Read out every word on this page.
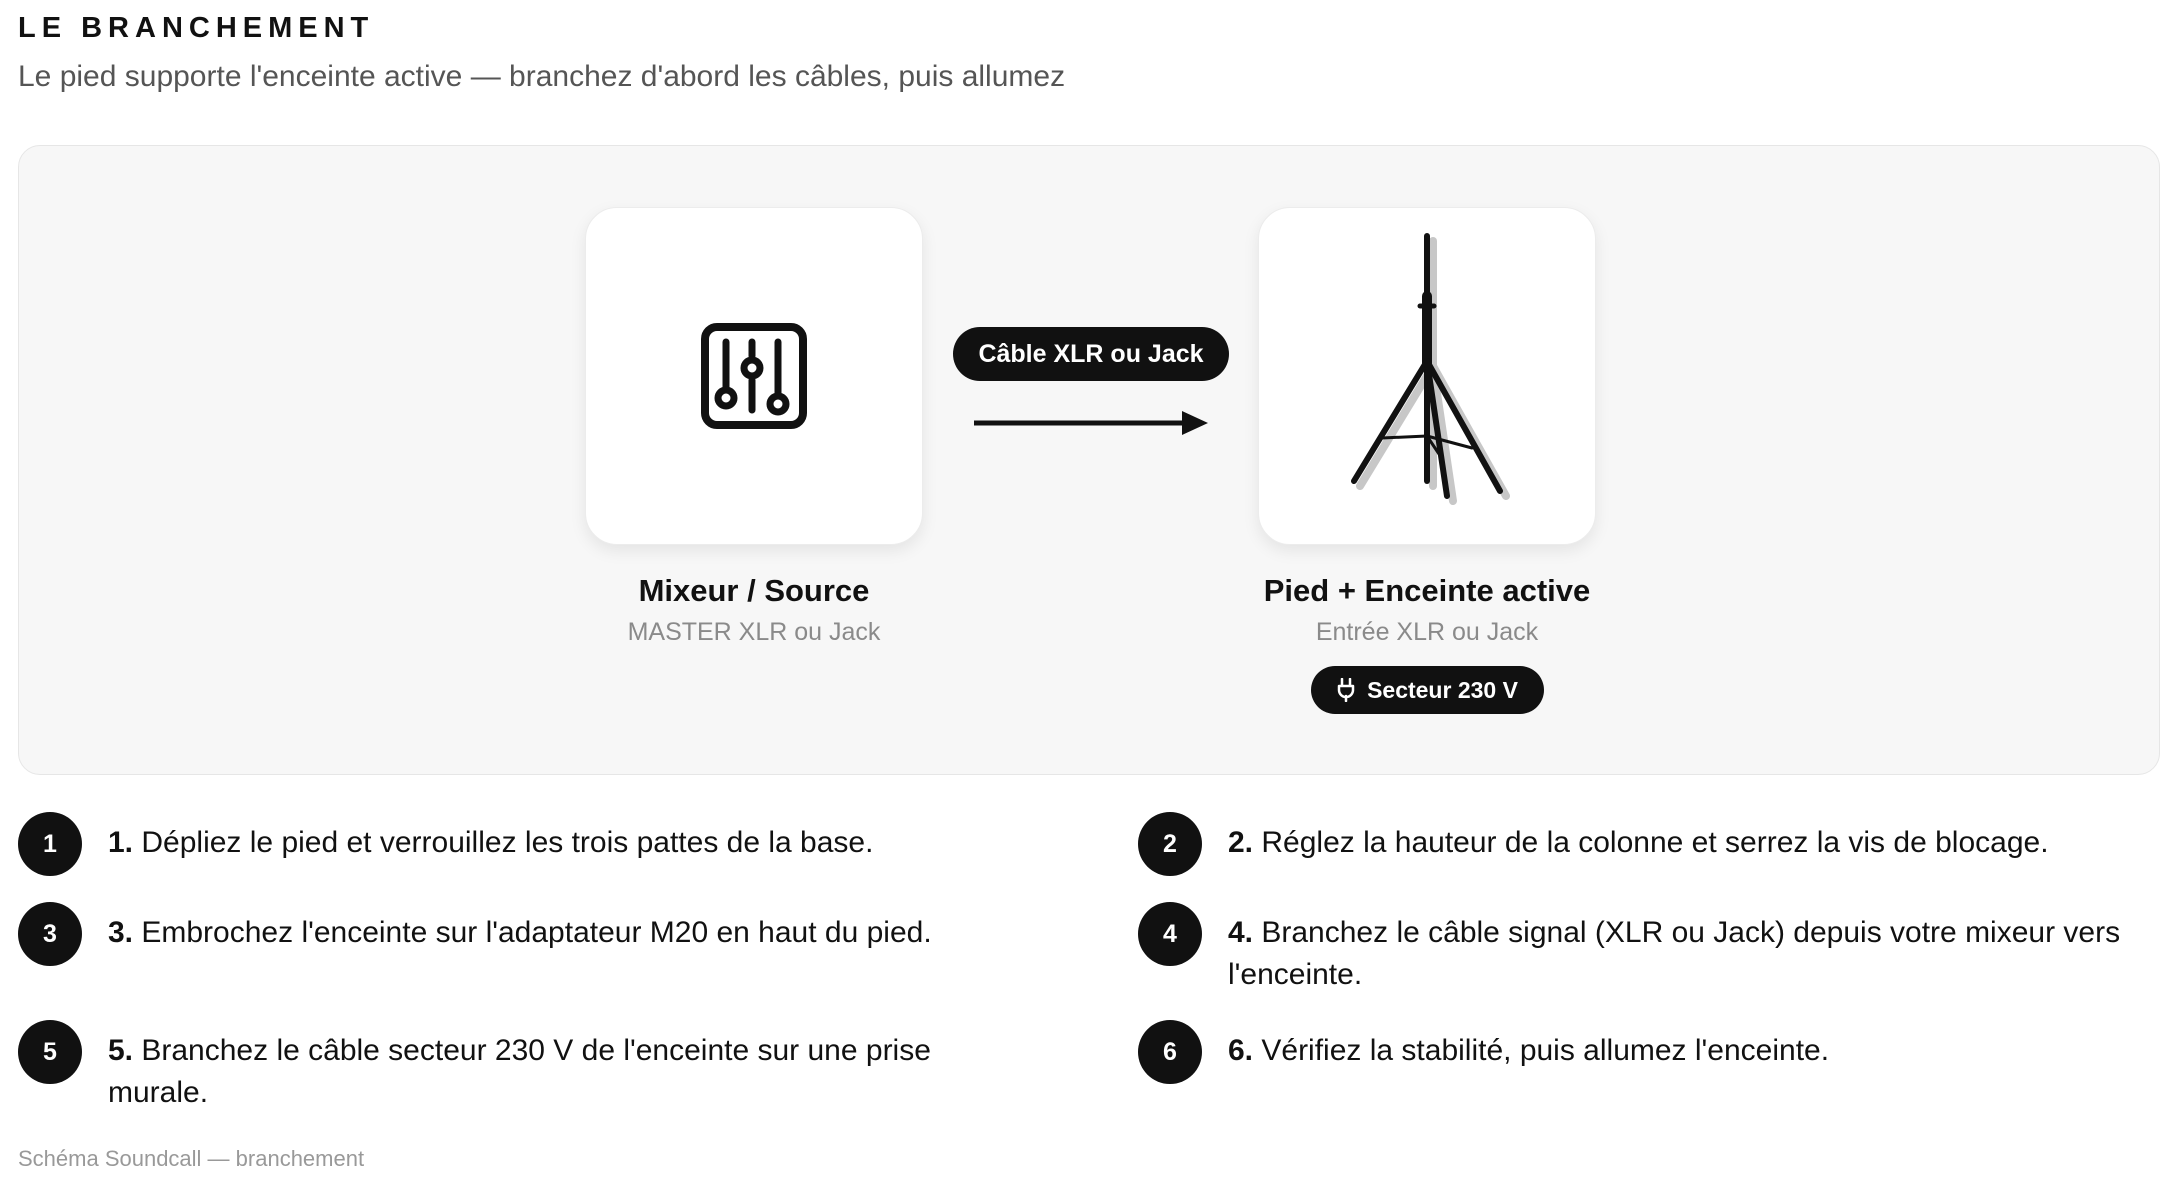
LE BRANCHEMENT

Le pied supporte l'enceinte active — branchez d'abord les câbles, puis allumez

Mixeur / Source
MASTER XLR ou Jack
Câble XLR ou Jack
Pied + Enceinte active
Entrée XLR ou Jack
Secteur 230 V
1	1. Dépliez le pied et verrouillez les trois pattes de la base.	2	2. Réglez la hauteur de la colonne et serrez la vis de blocage.
3	3. Embrochez l'enceinte sur l'adaptateur M20 en haut du pied.	4	4. Branchez le câble signal (XLR ou Jack) depuis votre mixeur vers l'enceinte.
5	5. Branchez le câble secteur 230 V de l'enceinte sur une prise murale.
6	6. Vérifiez la stabilité, puis allumez l'enceinte.

Schéma Soundcall — branchement
